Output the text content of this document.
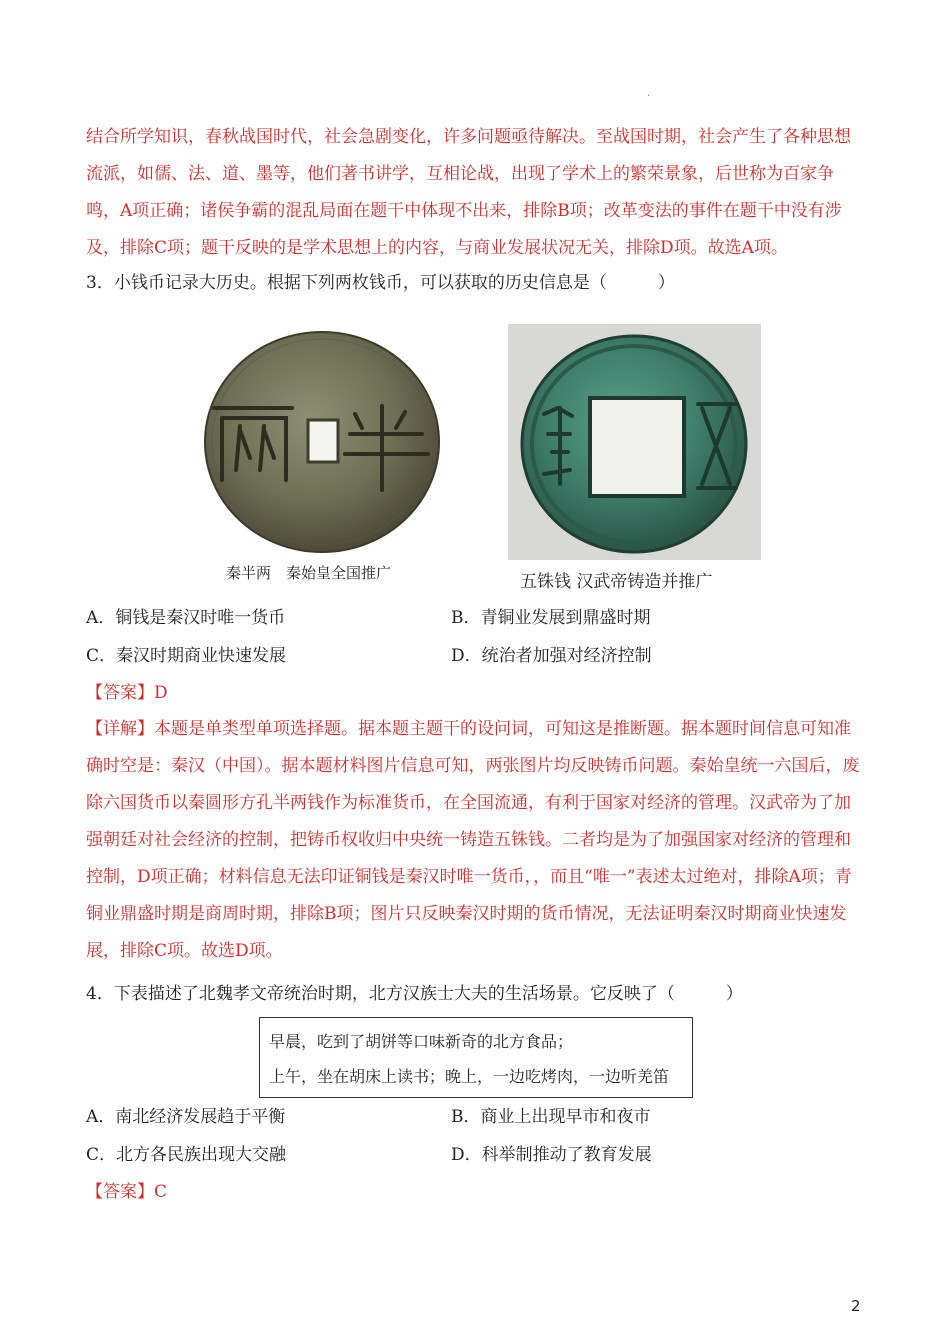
.

结合所学知识，春秋战国时代，社会急剧变化，许多问题亟待解决。至战国时期，社会产生了各种思想流派，如儒、法、道、墨等，他们著书讲学，互相论战，出现了学术上的繁荣景象，后世称为百家争鸣，A项正确；诸侯争霸的混乱局面在题干中体现不出来，排除B项；改革变法的事件在题干中没有涉及，排除C项；题干反映的是学术思想上的内容，与商业发展状况无关，排除D项。故选A项。

3．小钱币记录大历史。根据下列两枚钱币，可以获取的历史信息是（　　　）

秦半两　秦始皇全国推广	五铢钱 汉武帝铸造并推广

A．铜钱是秦汉时唯一货币	B．青铜业发展到鼎盛时期

C．秦汉时期商业快速发展	D．统治者加强对经济控制

【答案】D

【详解】本题是单类型单项选择题。据本题主题干的设问词，可知这是推断题。据本题时间信息可知准确时空是：秦汉（中国）。据本题材料图片信息可知，两张图片均反映铸币问题。秦始皇统一六国后，废除六国货币以秦圆形方孔半两钱作为标准货币，在全国流通，有利于国家对经济的管理。汉武帝为了加强朝廷对社会经济的控制，把铸币权收归中央统一铸造五铢钱。二者均是为了加强国家对经济的管理和控制，D项正确；材料信息无法印证铜钱是秦汉时唯一货币，，而且“唯一”表述太过绝对，排除A项；青铜业鼎盛时期是商周时期，排除B项；图片只反映秦汉时期的货币情况，无法证明秦汉时期商业快速发展，排除C项。故选D项。

4．下表描述了北魏孝文帝统治时期，北方汉族士大夫的生活场景。它反映了（　　　）

早晨，吃到了胡饼等口味新奇的北方食品；
上午，坐在胡床上读书；晚上，一边吃烤肉，一边听羌笛

A．南北经济发展趋于平衡	B．商业上出现早市和夜市

C．北方各民族出现大交融	D．科举制推动了教育发展

【答案】C

2
